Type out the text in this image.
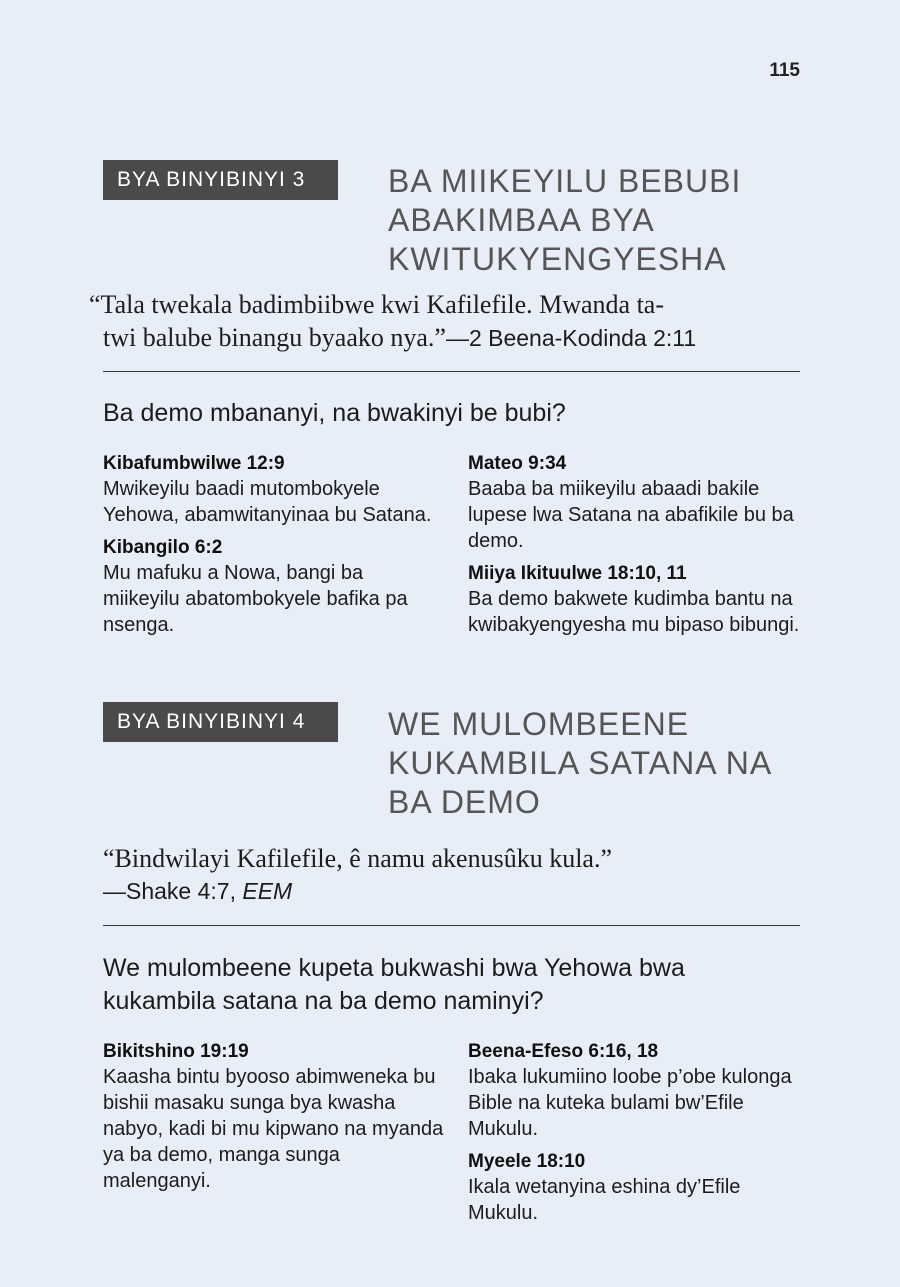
115
BYA BINYIBINYI 3	BA MIIKEYILU BEBUBI
ABAKIMBAA BYA
KWITUKYENGYESHA
“Tala twekala badimbiibwe kwi Kafilefile. Mwanda ta-
twi balube binangu byaako nya.”—2 Beena-Kodinda 2:11
Ba demo mbananyi, na bwakinyi be bubi?
Kibafumbwilwe 12:9
Mwikeyilu baadi mutombokyele Yehowa, abamwitanyinaa bu Satana.
Kibangilo 6:2
Mu mafuku a Nowa, bangi ba miikeyilu abatombokyele bafika pa nsenga.
Mateo 9:34
Baaba ba miikeyilu abaadi bakile lupese lwa Satana na abafikile bu ba demo.
Miiya Ikituulwe 18:10, 11
Ba demo bakwete kudimba bantu na kwibakyengyesha mu bipaso bibungi.
BYA BINYIBINYI 4	WE MULOMBEENE
KUKAMBILA SATANA NA
BA DEMO
“Bindwilayi Kafilefile, ê namu akenusûku kula.”
—Shake 4:7, EEM
We mulombeene kupeta bukwashi bwa Yehowa bwa
kukambila satana na ba demo naminyi?
Bikitshino 19:19
Kaasha bintu byooso abimweneka bu bishii masaku sunga bya kwasha nabyo, kadi bi mu kipwano na myanda ya ba demo, manga sunga malenganyi.
Beena-Efeso 6:16, 18
Ibaka lukumiino loobe p’obe kulonga Bible na kuteka bulami bw’Efile Mukulu.
Myeele 18:10
Ikala wetanyina eshina dy’Efile Mukulu.
